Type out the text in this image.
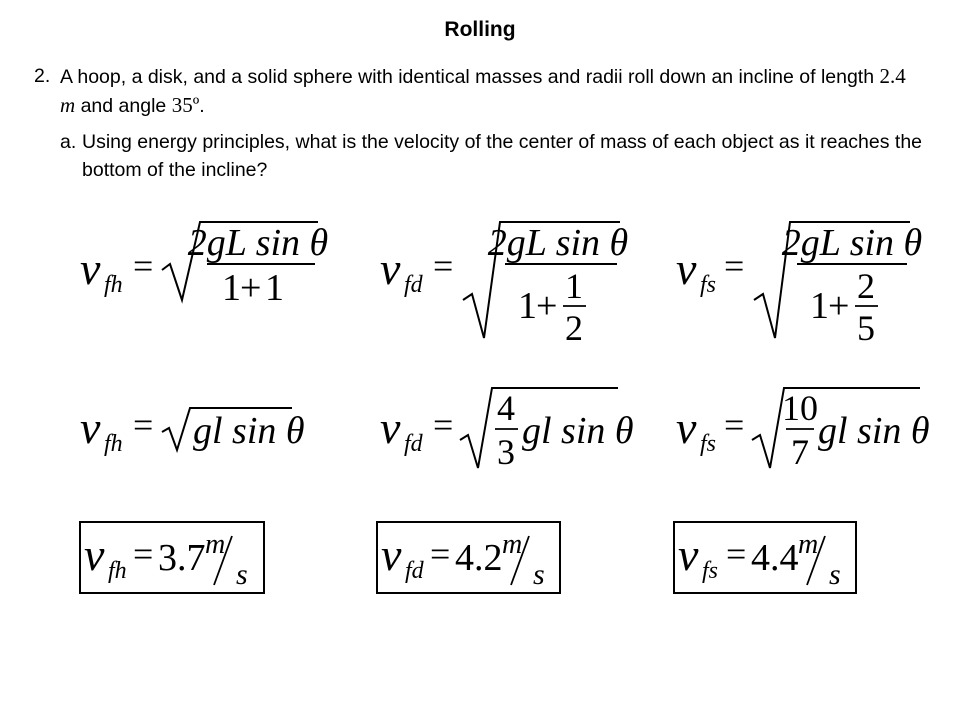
Rolling
2. A hoop, a disk, and a solid sphere with identical masses and radii roll down an incline of length 2.4 m and angle 35º.
a. Using energy principles, what is the velocity of the center of mass of each object as it reaches the bottom of the incline?
v fh =
2gL sin θ
1 + 1 v fd =
2gL sin θ
1 + 1
2
v fs =
2gL sin θ
1 + 2
5
v fh = gl sin θ v fd = 4
3 gl sin θ v fs = 10
7 gl sin θ
v fh = 3.7 m
s	v fd = 4.2 m
s	v fs = 4.4 m
s
